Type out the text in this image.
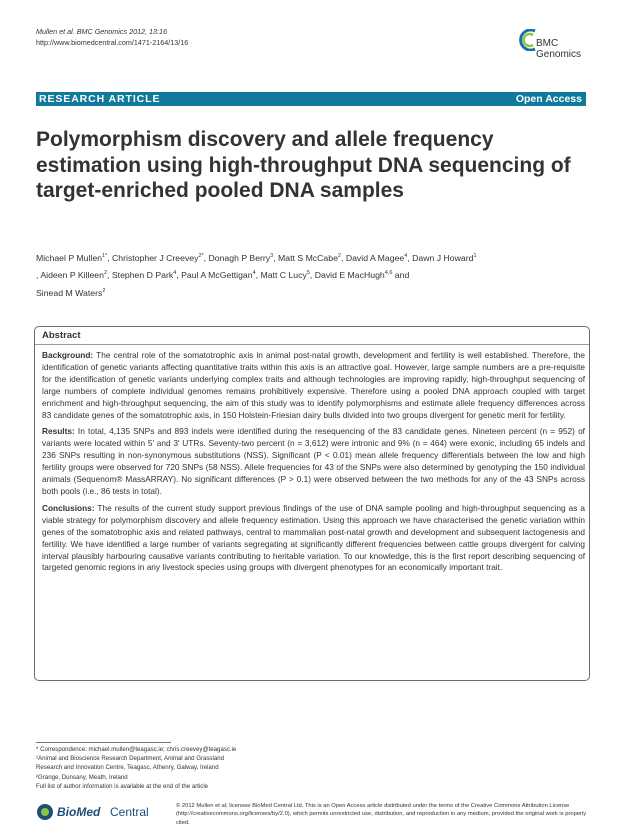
Mullen et al. BMC Genomics 2012, 13:16
http://www.biomedcentral.com/1471-2164/13/16	BMC
Genomics
RESEARCH ARTICLE	Open Access
Polymorphism discovery and allele frequency estimation using high-throughput DNA sequencing of target-enriched pooled DNA samples
Michael P Mullen$^{1*}$, Christopher J Creevey$^{2*}$, Donagh P Berry$^3$, Matt S McCabe$^2$, David A Magee$^4$, Dawn J Howard$^1$
, Aideen P Killeen$^2$, Stephen D Park$^4$, Paul A McGettigan$^4$, Matt C Lucy$^5$, David E MacHugh$^{4,6}$ and
Sinead M Waters$^2$
Abstract

Background: The central role of the somatotrophic axis in animal post-natal growth, development and fertility is well established. Therefore, the identification of genetic variants affecting quantitative traits within this axis is an attractive goal. However, large sample numbers are a pre-requisite for the identification of genetic variants underlying complex traits and although technologies are improving rapidly, high-throughput sequencing of large numbers of complete individual genomes remains prohibitively expensive. Therefore using a pooled DNA approach coupled with target enrichment and high-throughput sequencing, the aim of this study was to identify polymorphisms and estimate allele frequency differences across 83 candidate genes of the somatotrophic axis, in 150 Holstein-Friesian dairy bulls divided into two groups divergent for genetic merit for fertility.

Results: In total, 4,135 SNPs and 893 indels were identified during the resequencing of the 83 candidate genes. Nineteen percent (n = 952) of variants were located within 5' and 3' UTRs. Seventy-two percent (n = 3,612) were intronic and 9% (n = 464) were exonic, including 65 indels and 236 SNPs resulting in non-synonymous substitutions (NSS). Significant (P < 0.01) mean allele frequency differentials between the low and high fertility groups were observed for 720 SNPs (58 NSS). Allele frequencies for 43 of the SNPs were also determined by genotyping the 150 individual animals (Sequenom® MassARRAY). No significant differences (P > 0.1) were observed between the two methods for any of the 43 SNPs across both pools (i.e., 86 tests in total).

Conclusions: The results of the current study support previous findings of the use of DNA sample pooling and high-throughput sequencing as a viable strategy for polymorphism discovery and allele frequency estimation. Using this approach we have characterised the genetic variation within genes of the somatotrophic axis and related pathways, central to mammalian post-natal growth and development and subsequent lactogenesis and fertility. We have identified a large number of variants segregating at significantly different frequencies between cattle groups divergent for calving interval plausibly harbouring causative variants contributing to heritable variation. To our knowledge, this is the first report describing sequencing of targeted genomic regions in any livestock species using groups with divergent phenotypes for an economically important trait.

* Correspondence: michael.mullen@teagasc.ie; chris.creevey@teagasc.ie
¹Animal and Bioscience Research Department, Animal and Grassland
Research and Innovation Centre, Teagasc, Athenry, Galway, Ireland
²Grange, Dunsany, Meath, Ireland
Full list of author information is available at the end of the article
BioMed Central	© 2012 Mullen et al; licensee BioMed Central Ltd. This is an Open Access article distributed under the terms of the Creative Commons Attribution License (http://creativecommons.org/licenses/by/2.0), which permits unrestricted use, distribution, and reproduction in any medium, provided the original work is properly cited.
